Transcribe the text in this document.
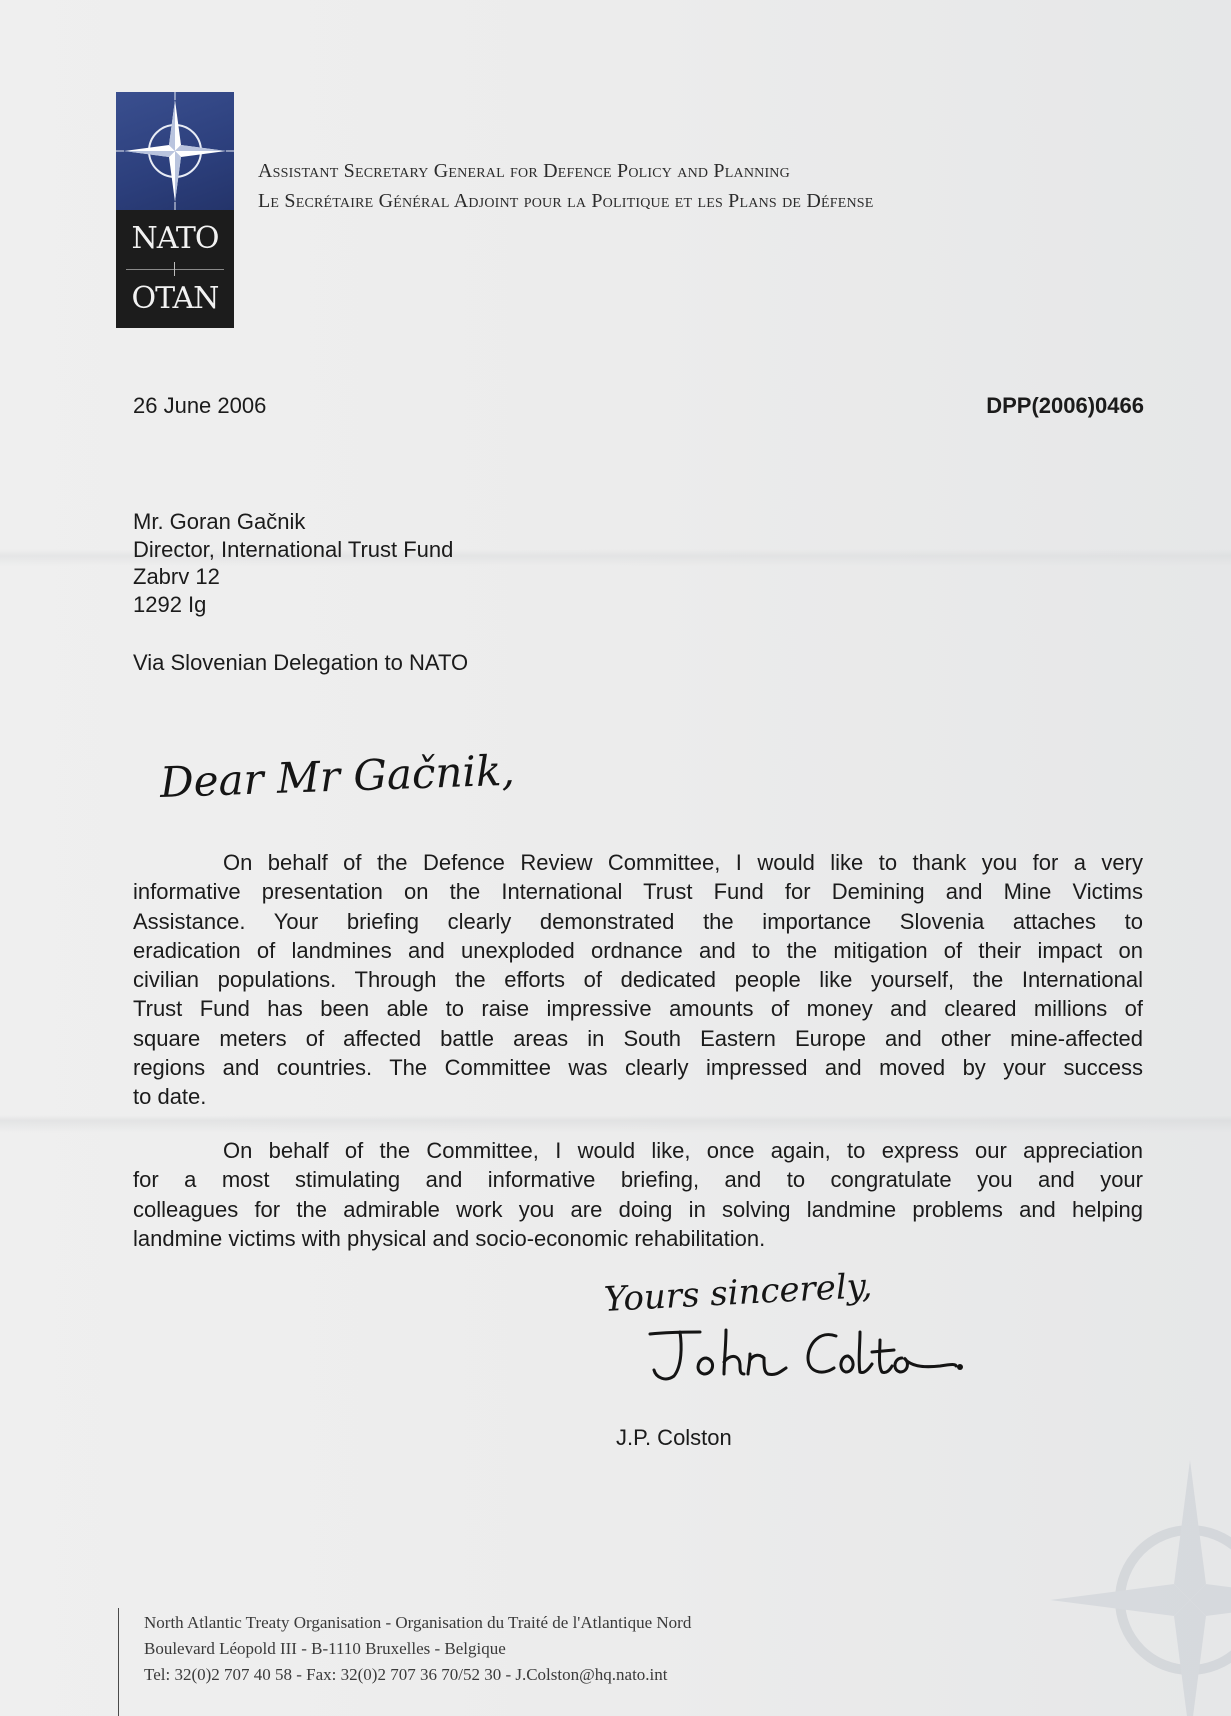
NATO
OTAN
Assistant Secretary General for Defence Policy and Planning
Le Secrétaire Général Adjoint pour la Politique et les Plans de Défense
26 June 2006	DPP(2006)0466
Mr. Goran Gačnik
Director, International Trust Fund
Zabrv 12
1292 Ig
Via Slovenian Delegation to NATO
Dear Mr Gačnik,
On behalf of the Defence Review Committee, I would like to thank you for a very
informative presentation on the International Trust Fund for Demining and Mine Victims
Assistance. Your briefing clearly demonstrated the importance Slovenia attaches to
eradication of landmines and unexploded ordnance and to the mitigation of their impact on
civilian populations. Through the efforts of dedicated people like yourself, the International
Trust Fund has been able to raise impressive amounts of money and cleared millions of
square meters of affected battle areas in South Eastern Europe and other mine-affected
regions and countries. The Committee was clearly impressed and moved by your success
to date.
On behalf of the Committee, I would like, once again, to express our appreciation
for a most stimulating and informative briefing, and to congratulate you and your
colleagues for the admirable work you are doing in solving landmine problems and helping
landmine victims with physical and socio-economic rehabilitation.
Yours sincerely,
J.P. Colston
North Atlantic Treaty Organisation - Organisation du Traité de l'Atlantique Nord
Boulevard Léopold III - B-1110 Bruxelles - Belgique
Tel: 32(0)2 707 40 58 - Fax: 32(0)2 707 36 70/52 30 - J.Colston@hq.nato.int
